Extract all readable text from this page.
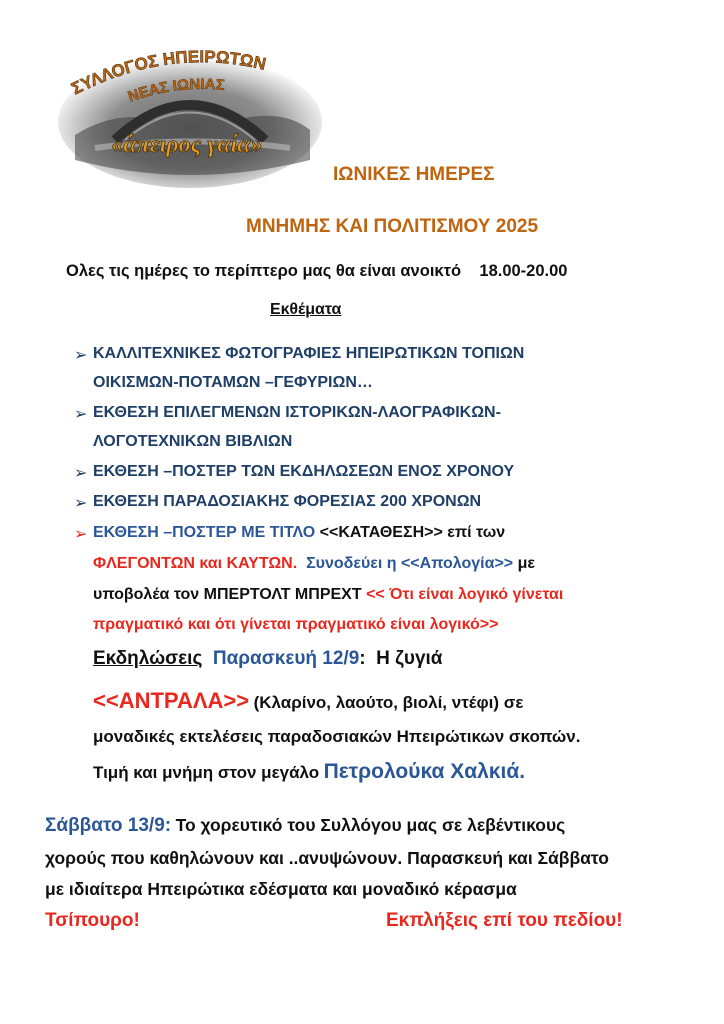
ΣΥΛΛΟΓΟΣ ΗΠΕΙΡΩΤΩΝ
ΝΕΑΣ ΙΩΝΙΑΣ
«άπειρος γαία»
ΙΩΝΙΚΕΣ ΗΜΕΡΕΣ
ΜΝΗΜΗΣ ΚΑΙ ΠΟΛΙΤΙΣΜΟΥ 2025
Ολες τις ημέρες το περίπτερο μας θα είναι ανοικτό 18.00-20.00
Εκθέματα
➢ ΚΑΛΛΙΤΕΧΝΙΚΕΣ ΦΩΤΟΓΡΑΦΙΕΣ ΗΠΕΙΡΩΤΙΚΩΝ ΤΟΠΙΩΝ
ΟΙΚΙΣΜΩΝ-ΠΟΤΑΜΩΝ –ΓΕΦΥΡΙΩΝ…
➢ ΕΚΘΕΣΗ ΕΠΙΛΕΓΜΕΝΩΝ ΙΣΤΟΡΙΚΩΝ-ΛΑΟΓΡΑΦΙΚΩΝ-
ΛΟΓΟΤΕΧΝΙΚΩΝ ΒΙΒΛΙΩΝ
➢ ΕΚΘΕΣΗ –ΠΟΣΤΕΡ ΤΩΝ ΕΚΔΗΛΩΣΕΩΝ ΕΝΟΣ ΧΡΟΝΟΥ
➢ ΕΚΘΕΣΗ ΠΑΡΑΔΟΣΙΑΚΗΣ ΦΟΡΕΣΙΑΣ 200 ΧΡΟΝΩΝ
➢ ΕΚΘΕΣΗ –ΠΟΣΤΕΡ ΜΕ ΤΙΤΛΟ <<ΚΑΤΑΘΕΣΗ>> επί των
ΦΛΕΓΟΝΤΩΝ και ΚΑΥΤΩΝ. Συνοδεύει η <<Απολογία>> με
υποβολέα τον ΜΠΕΡΤΟΛΤ ΜΠΡΕΧΤ << Ότι είναι λογικό γίνεται
πραγματικό και ότι γίνεται πραγματικό είναι λογικό>>
Εκδηλώσεις Παρασκευή 12/9: Η ζυγιά
<<ΑΝΤΡΑΛΑ>> (Κλαρίνο, λαούτο, βιολί, ντέφι) σε
μοναδικές εκτελέσεις παραδοσιακών Ηπειρώτικων σκοπών.
Τιμή και μνήμη στον μεγάλο Πετρολούκα Χαλκιά.
Σάββατο 13/9: Το χορευτικό του Συλλόγου μας σε λεβέντικους
χορούς που καθηλώνουν και ..ανυψώνουν. Παρασκευή και Σάββατο
με ιδιαίτερα Ηπειρώτικα εδέσματα και μοναδικό κέρασμα
Τσίπουρο!	Εκπλήξεις επί του πεδίου!
